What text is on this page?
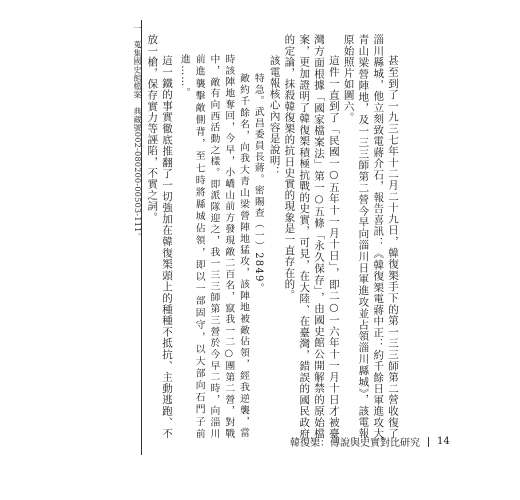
一　蒐集國史館檔案　典藏號002-080200-00503-111。	甚至到了一九三七年十二月二十九日，韓復榘手下的第一三三師第二營收復了淄川縣城，他立刻致電蔣介石，報告喜訊：《韓復榘電蔣中正：約千餘日軍進攻大青山梁營陣地，及一三三師第二營今早向淄川日軍進攻並占領淄川縣城》，該電報原始照片如圖六。

這件一直到了「民國一○五年十一月十日」，即二○一六年十一月十日才被臺灣方面根據「國家檔案法」第一○五條「永久保存」，由國史館公開解禁的原始檔案，更加證明了韓復榘積極抗戰的史實，可見，在大陸、在臺灣，錯誤的國民政府的定論，抹殺韓復榘的抗日史實的現象是一直存在的。

該電報核心內容是說明：

特急。武昌委員長蔣。密賜查（一）2849。

敵約千餘名，向我大青山梁營陣地猛攻，該陣地被敵佔領，經我逆襲，當時該陣地奪回，今早，小嶠山前方發現敵二百名，竄我一二○團第二營，對戰中，敵有向西活動之樣。即派隊迎之，我一三三師第三營於今早二時，向淄川前進襲擊敵側背，至七時將縣城佔領，即以一部固守，以大部向石門子前進……。

這一鐵的事實徹底推翻了一切強加在韓復榘頭上的種種不抵抗、主動逃跑、不放一槍，保存實力等誣陷，不實之詞。

韓復榘：傳說與史實對比研究 14
